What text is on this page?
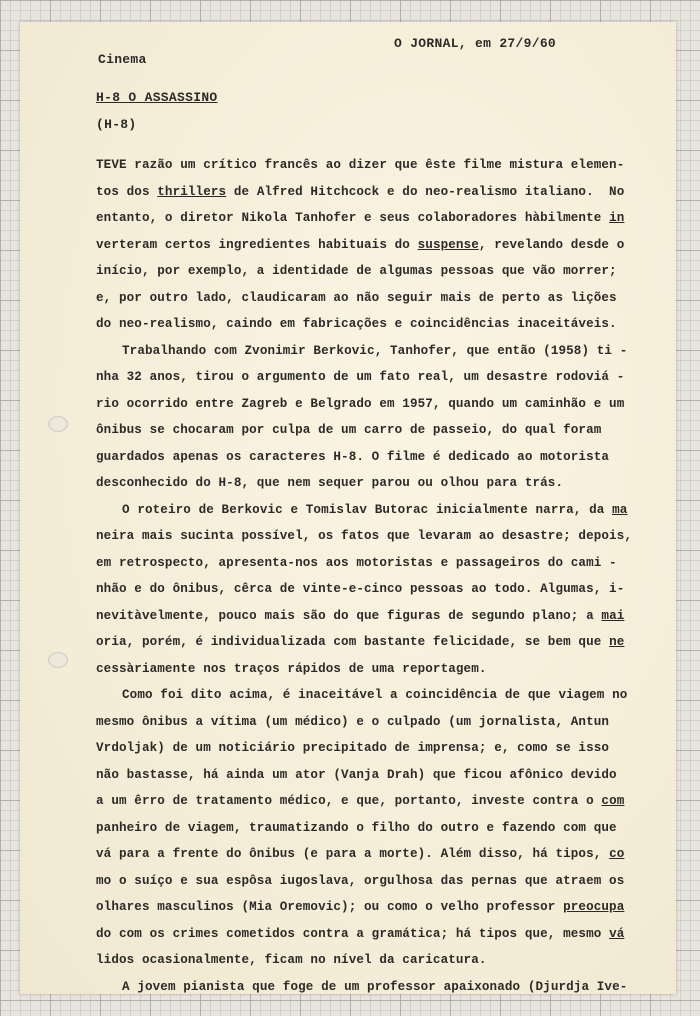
Cinema
O JORNAL, em 27/9/60
H-8 O ASSASSINO
(H-8)
TEVE razão um crítico francês ao dizer que êste filme mistura elemen-
tos dos thrillers de Alfred Hitchcock e do neo-realismo italiano.  No
entanto, o diretor Nikola Tanhofer e seus colaboradores hàbilmente in
verteram certos ingredientes habituais do suspense, revelando desde o
início, por exemplo, a identidade de algumas pessoas que vão morrer;
e, por outro lado, claudicaram ao não seguir mais de perto as lições
do neo-realismo, caindo em fabricações e coincidências inaceitáveis.
Trabalhando com Zvonimir Berkovic, Tanhofer, que então (1958) ti -
nha 32 anos, tirou o argumento de um fato real, um desastre rodoviá -
rio ocorrido entre Zagreb e Belgrado em 1957, quando um caminhão e um
ônibus se chocaram por culpa de um carro de passeio, do qual foram
guardados apenas os caracteres H-8. O filme é dedicado ao motorista
desconhecido do H-8, que nem sequer parou ou olhou para trás.
O roteiro de Berkovic e Tomislav Butorac inicialmente narra, da ma
neira mais sucinta possível, os fatos que levaram ao desastre; depois,
em retrospecto, apresenta-nos aos motoristas e passageiros do cami -
nhão e do ônibus, cêrca de vinte-e-cinco pessoas ao todo. Algumas, i-
nevitàvelmente, pouco mais são do que figuras de segundo plano; a mai
oria, porém, é individualizada com bastante felicidade, se bem que ne
cessàriamente nos traços rápidos de uma reportagem.
Como foi dito acima, é inaceitável a coincidência de que viagem no
mesmo ônibus a vítima (um médico) e o culpado (um jornalista, Antun
Vrdoljak) de um noticiário precipitado de imprensa; e, como se isso
não bastasse, há ainda um ator (Vanja Drah) que ficou afônico devido
a um êrro de tratamento médico, e que, portanto, investe contra o com
panheiro de viagem, traumatizando o filho do outro e fazendo com que
vá para a frente do ônibus (e para a morte). Além disso, há tipos, co
mo o suíço e sua espôsa iugoslava, orgulhosa das pernas que atraem os
olhares masculinos (Mia Oremovic); ou como o velho professor preocupa
do com os crimes cometidos contra a gramática; há tipos que, mesmo vá
lidos ocasionalmente, ficam no nível da caricatura.
A jovem pianista que foge de um professor apaixonado (Djurdja Ive-
